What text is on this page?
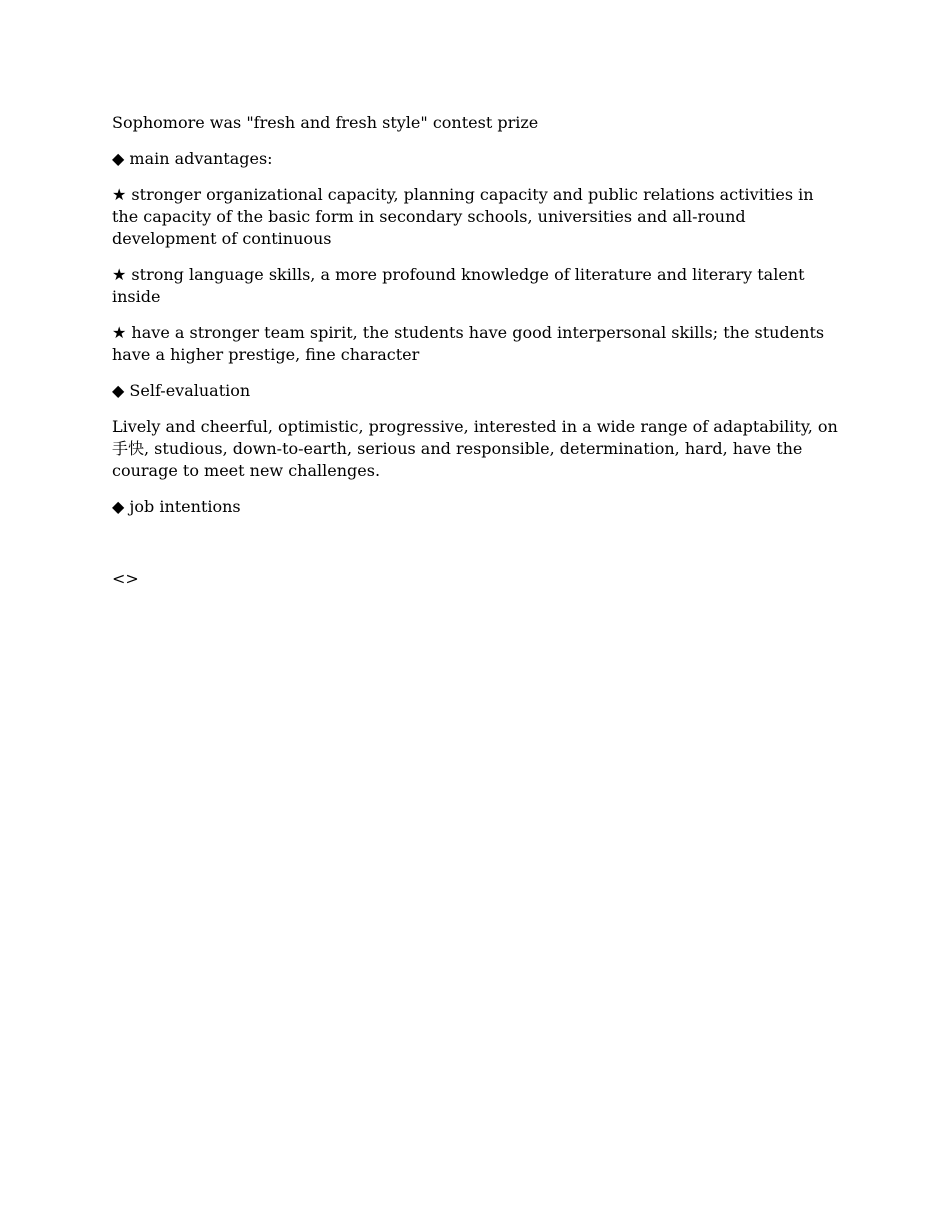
Sophomore was "fresh and fresh style" contest prize

◆ main advantages:

★ stronger organizational capacity, planning capacity and public relations activities in the capacity of the basic form in secondary schools, universities and all-round development of continuous

★ strong language skills, a more profound knowledge of literature and literary talent inside

★ have a stronger team spirit, the students have good interpersonal skills; the students have a higher prestige, fine character

◆ Self-evaluation

Lively and cheerful, optimistic, progressive, interested in a wide range of adaptability, on 手快, studious, down-to-earth, serious and responsible, determination, hard, have the courage to meet new challenges.

◆ job intentions

<>
